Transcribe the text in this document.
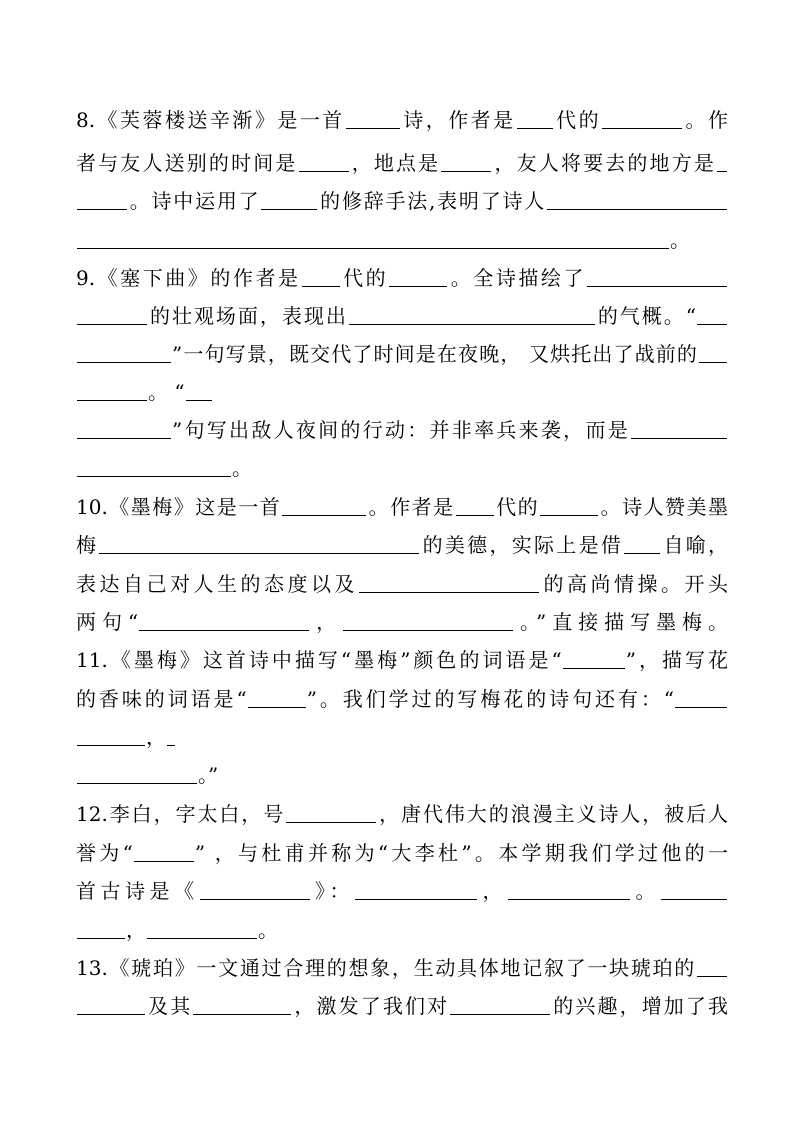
8.《芙蓉楼送辛渐》是一首	诗，作者是 代的	。作
者与友人送别的时间是	，地点是	，友人将要去的地方是
。诗中运用了	的修辞手法,表明了诗人
。
9.《塞下曲》的作者是 代的	。全诗描绘了
的壮观场面，表现出	的气概。“
”一句写景，既交代了时间是在夜晚， 又烘托出了战前的
。 “
”句写出敌人夜间的行动：并非率兵来袭，而是
。
10.《墨梅》这是一首	。作者是 代的	。诗人赞美墨
梅	的美德，实际上是借 自喻，
表达自己对人生的态度以及	的高尚情操。开头
两句“	，	。”直接描写墨梅。
11.《墨梅》这首诗中描写“墨梅”颜色的词语是“	”，描写花
的香味的词语是“	”。我们学过的写梅花的诗句还有：“
，
。”
12.李白，字太白，号	，唐代伟大的浪漫主义诗人，被后人
誉为“	” ，与杜甫并称为“大李杜”。本学期我们学过他的一
首古诗是《	》：	，	。
，	。
13.《琥珀》一文通过合理的想象，生动具体地记叙了一块琥珀的
及其	，激发了我们对	的兴趣，增加了我
